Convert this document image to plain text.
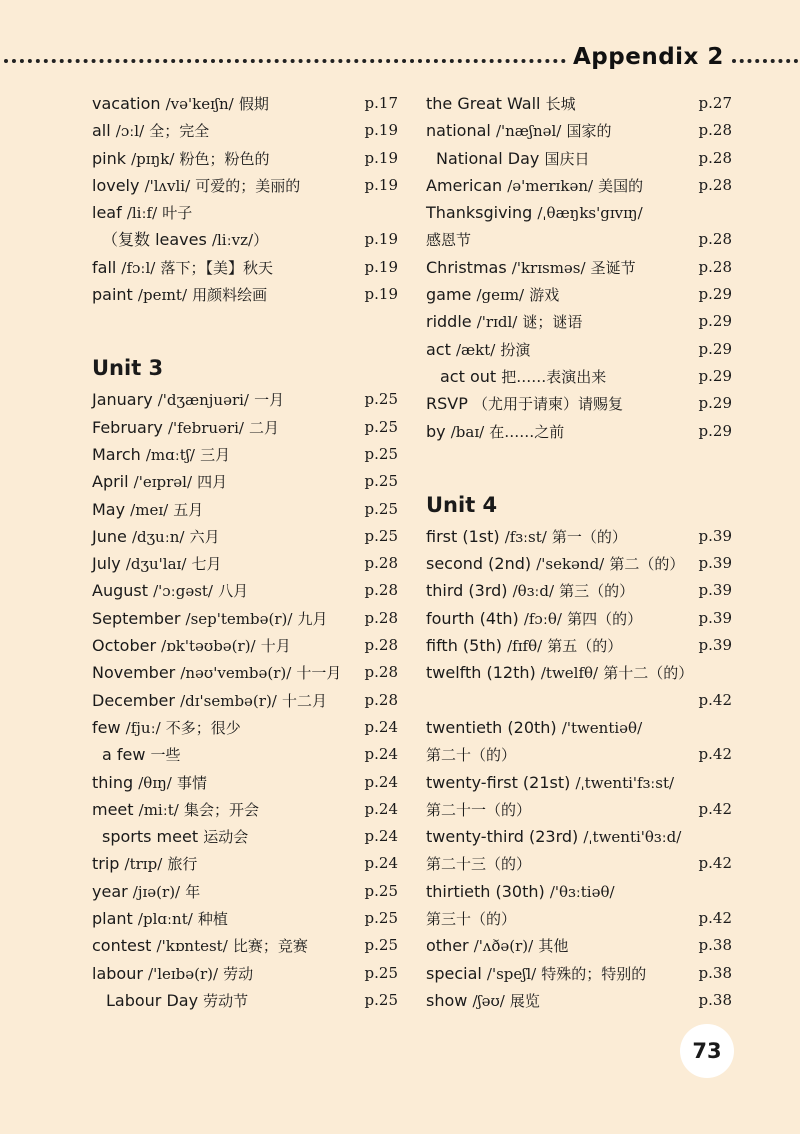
Appendix 2
vacation /və'keɪʃn/ 假期	p.17
all /ɔːl/ 全；完全	p.19
pink /pɪŋk/ 粉色；粉色的	p.19
lovely /'lʌvli/ 可爱的；美丽的	p.19
leaf /liːf/ 叶子
（复数 leaves /liːvz/）	p.19
fall /fɔːl/ 落下；【美】秋天	p.19
paint /peɪnt/ 用颜料绘画	p.19
Unit 3
January /'dʒænjuəri/ 一月	p.25
February /'februəri/ 二月	p.25
March /mɑːtʃ/ 三月	p.25
April /'eɪprəl/ 四月	p.25
May /meɪ/ 五月	p.25
June /dʒuːn/ 六月	p.25
July /dʒu'laɪ/ 七月	p.28
August /'ɔːgəst/ 八月	p.28
September /sep'tembə(r)/ 九月 p.28
October /ɒk'təʊbə(r)/ 十月	p.28
November /nəʊ'vembə(r)/ 十一月 p.28
December /dɪ'sembə(r)/ 十二月	p.28
few /fjuː/ 不多；很少	p.24
a few 一些	p.24
thing /θɪŋ/ 事情	p.24
meet /miːt/ 集会；开会	p.24
sports meet 运动会	p.24
trip /trɪp/ 旅行	p.24
year /jɪə(r)/ 年	p.25
plant /plɑːnt/ 种植	p.25
contest /'kɒntest/ 比赛；竞赛	p.25
labour /'leɪbə(r)/ 劳动	p.25
Labour Day 劳动节	p.25
the Great Wall 长城	p.27
national /'næʃnəl/ 国家的	p.28
National Day 国庆日	p.28
American /ə'merɪkən/ 美国的	p.28
Thanksgiving /ˌθæŋks'gɪvɪŋ/
感恩节	p.28
Christmas /'krɪsməs/ 圣诞节	p.28
game /geɪm/ 游戏	p.29
riddle /'rɪdl/ 谜；谜语	p.29
act /ækt/ 扮演	p.29
act out 把……表演出来	p.29
RSVP （尤用于请柬）请赐复	p.29
by /baɪ/ 在……之前	p.29
Unit 4
first (1st) /fɜːst/ 第一（的）	p.39
second (2nd) /'sekənd/ 第二（的） p.39
third (3rd) /θɜːd/ 第三（的）	p.39
fourth (4th) /fɔːθ/ 第四（的）	p.39
fifth (5th) /fɪfθ/ 第五（的）	p.39
twelfth (12th) /twelfθ/ 第十二（的）
p.42
twentieth (20th) /'twentiəθ/
第二十（的）	p.42
twenty-first (21st) /ˌtwenti'fɜːst/
第二十一（的）	p.42
twenty-third (23rd) /ˌtwenti'θɜːd/
第二十三（的）	p.42
thirtieth (30th) /'θɜːtiəθ/
第三十（的）	p.42
other /'ʌðə(r)/ 其他	p.38
special /'speʃl/ 特殊的；特别的	p.38
show /ʃəʊ/ 展览	p.38
73
